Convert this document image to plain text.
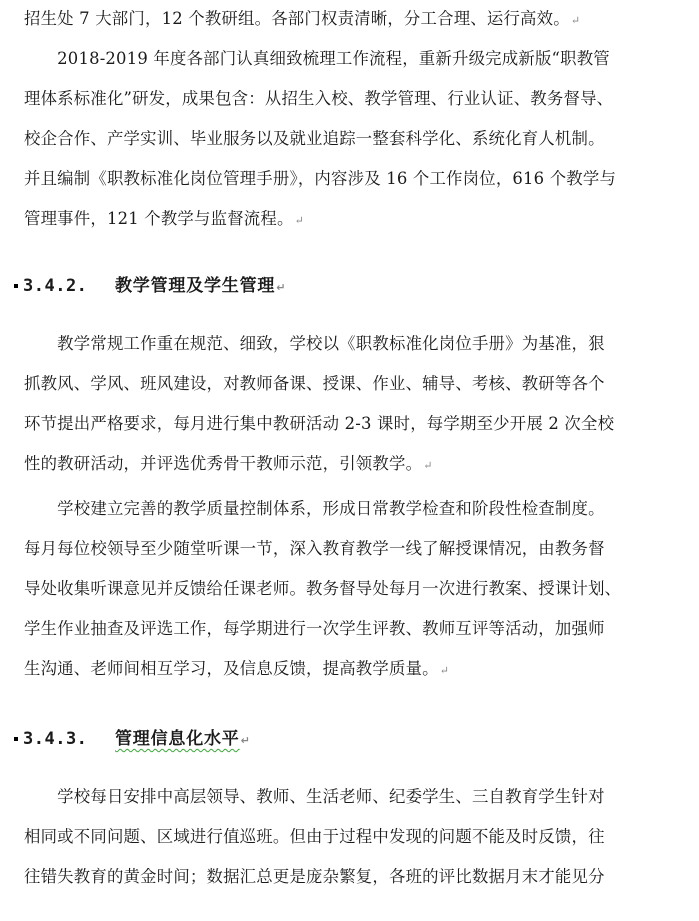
招生处 7 大部门，12 个教研组。各部门权责清晰，分工合理、运行高效。↵
　　2018-2019 年度各部门认真细致梳理工作流程，重新升级完成新版“职教管
理体系标准化”研发，成果包含：从招生入校、教学管理、行业认证、教务督导、
校企合作、产学实训、毕业服务以及就业追踪一整套科学化、系统化育人机制。
并且编制《职教标准化岗位管理手册》，内容涉及 16 个工作岗位，616 个教学与
管理事件，121 个教学与监督流程。↵
3.4.2. 教学管理及学生管理↵
　　教学常规工作重在规范、细致，学校以《职教标准化岗位手册》为基准，狠
抓教风、学风、班风建设，对教师备课、授课、作业、辅导、考核、教研等各个
环节提出严格要求，每月进行集中教研活动 2-3 课时，每学期至少开展 2 次全校
性的教研活动，并评选优秀骨干教师示范，引领教学。↵
　　学校建立完善的教学质量控制体系，形成日常教学检查和阶段性检查制度。
每月每位校领导至少随堂听课一节，深入教育教学一线了解授课情况，由教务督
导处收集听课意见并反馈给任课老师。教务督导处每月一次进行教案、授课计划、
学生作业抽查及评选工作，每学期进行一次学生评教、教师互评等活动，加强师
生沟通、老师间相互学习，及信息反馈，提高教学质量。↵
3.4.3. 管理信息化水平↵
　　学校每日安排中高层领导、教师、生活老师、纪委学生、三自教育学生针对
相同或不同问题、区域进行值巡班。但由于过程中发现的问题不能及时反馈，往
往错失教育的黄金时间；数据汇总更是庞杂繁复，各班的评比数据月末才能见分
